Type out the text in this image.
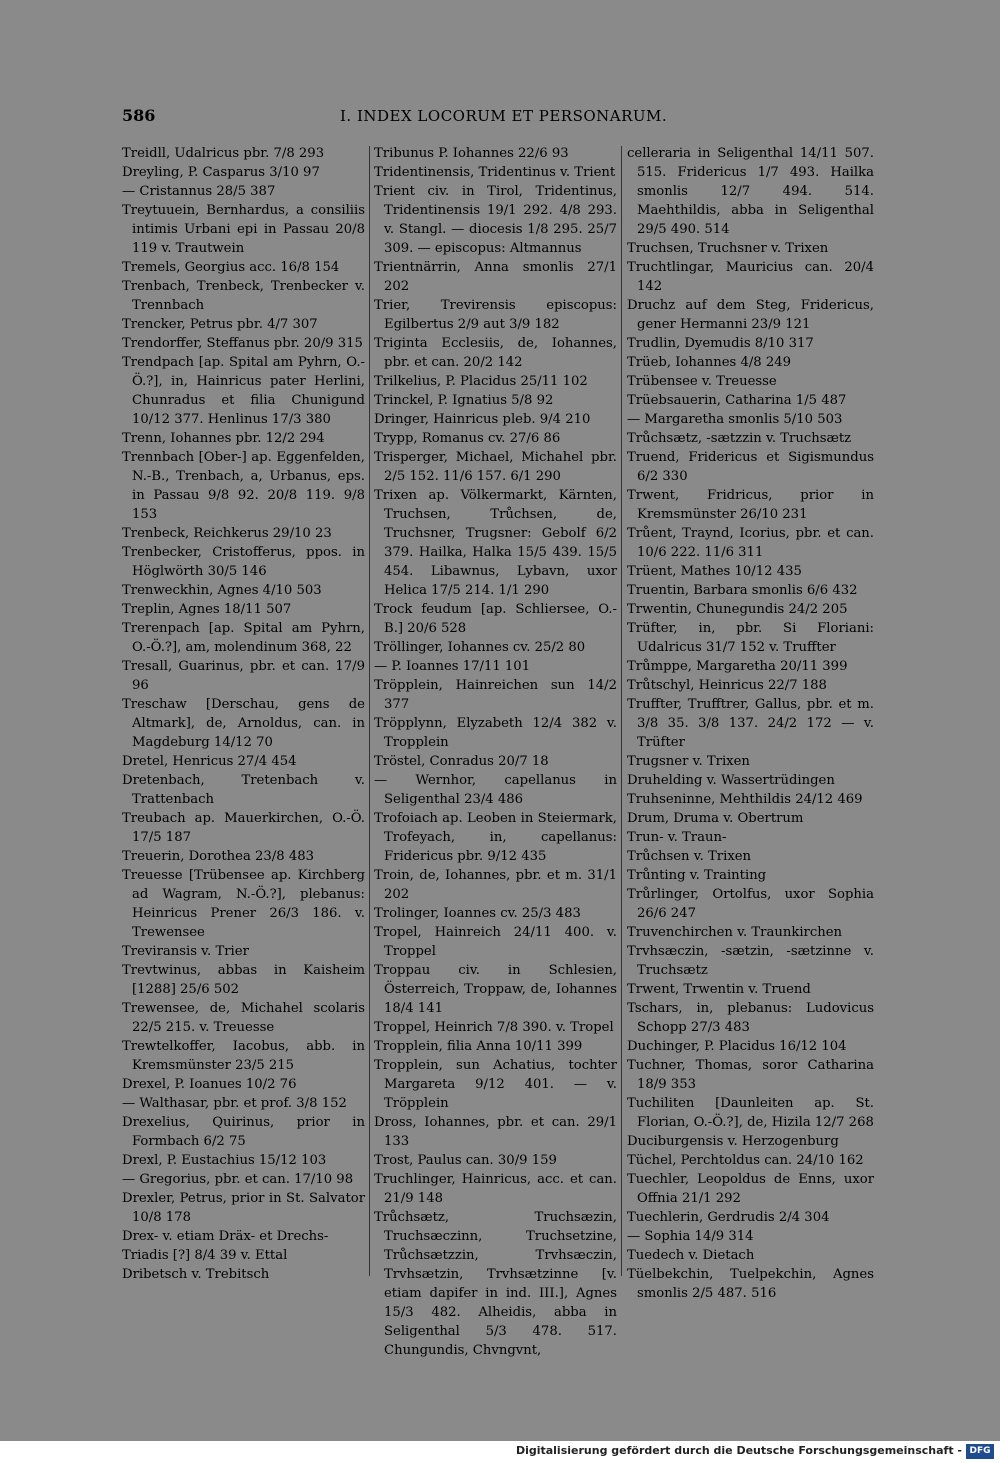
586	I. INDEX LOCORUM ET PERSONARUM.

Treidll, Udalricus pbr. 7/8 293

Dreyling, P. Casparus 3/10 97

— Cristannus 28/5 387

Treytuuein, Bernhardus, a consiliis intimis Urbani epi in Passau 20/8 119 v. Trautwein

Tremels, Georgius acc. 16/8 154

Trenbach, Trenbeck, Trenbecker v. Trennbach

Trencker, Petrus pbr. 4/7 307

Trendorffer, Steffanus pbr. 20/9 315

Trendpach [ap. Spital am Pyhrn, O.-Ö.?], in, Hainricus pater Herlini, Chunradus et filia Chunigund 10/12 377. Henlinus 17/3 380

Trenn, Iohannes pbr. 12/2 294

Trennbach [Ober-] ap. Eggenfelden, N.-B., Trenbach, a, Urbanus, eps. in Passau 9/8 92. 20/8 119. 9/8 153

Trenbeck, Reichkerus 29/10 23

Trenbecker, Cristofferus, ppos. in Höglwörth 30/5 146

Trenweckhin, Agnes 4/10 503

Treplin, Agnes 18/11 507

Trerenpach [ap. Spital am Pyhrn, O.-Ö.?], am, molendinum 368, 22

Tresall, Guarinus, pbr. et can. 17/9 96

Treschaw [Derschau, gens de Altmark], de, Arnoldus, can. in Magdeburg 14/12 70

Dretel, Henricus 27/4 454

Dretenbach, Tretenbach v. Trattenbach

Treubach ap. Mauerkirchen, O.-Ö. 17/5 187

Treuerin, Dorothea 23/8 483

Treuesse [Trübensee ap. Kirchberg ad Wagram, N.-Ö.?], plebanus: Heinricus Prener 26/3 186. v. Trewensee

Treviransis v. Trier

Trevtwinus, abbas in Kaisheim [1288] 25/6 502

Trewensee, de, Michahel scolaris 22/5 215. v. Treuesse

Trewtelkoffer, Iacobus, abb. in Kremsmünster 23/5 215

Drexel, P. Ioanues 10/2 76

— Walthasar, pbr. et prof. 3/8 152

Drexelius, Quirinus, prior in Formbach 6/2 75

Drexl, P. Eustachius 15/12 103

— Gregorius, pbr. et can. 17/10 98

Drexler, Petrus, prior in St. Salvator 10/8 178

Drex- v. etiam Dräx- et Drechs-

Triadis [?] 8/4 39 v. Ettal

Dribetsch v. Trebitsch

Tribunus P. Iohannes 22/6 93

Tridentinensis, Tridentinus v. Trient

Trient civ. in Tirol, Tridentinus, Tridentinensis 19/1 292. 4/8 293. v. Stangl. — diocesis 1/8 295. 25/7 309. — episcopus: Altmannus

Trientnärrin, Anna smonlis 27/1 202

Trier, Trevirensis episcopus: Egilbertus 2/9 aut 3/9 182

Triginta Ecclesiis, de, Iohannes, pbr. et can. 20/2 142

Trilkelius, P. Placidus 25/11 102

Trinckel, P. Ignatius 5/8 92

Dringer, Hainricus pleb. 9/4 210

Trypp, Romanus cv. 27/6 86

Trisperger, Michael, Michahel pbr. 2/5 152. 11/6 157. 6/1 290

Trixen ap. Völkermarkt, Kärnten, Truchsen, Trůchsen, de, Truchsner, Trugsner: Gebolf 6/2 379. Hailka, Halka 15/5 439. 15/5 454. Libawnus, Lybavn, uxor Helica 17/5 214. 1/1 290

Trock feudum [ap. Schliersee, O.-B.] 20/6 528

Tröllinger, Iohannes cv. 25/2 80

— P. Ioannes 17/11 101

Tröpplein, Hainreichen sun 14/2 377

Tröpplynn, Elyzabeth 12/4 382 v. Tropplein

Tröstel, Conradus 20/7 18

— Wernhor, capellanus in Seligenthal 23/4 486

Trofoiach ap. Leoben in Steiermark, Trofeyach, in, capellanus: Fridericus pbr. 9/12 435

Troin, de, Iohannes, pbr. et m. 31/1 202

Trolinger, Ioannes cv. 25/3 483

Tropel, Hainreich 24/11 400. v. Troppel

Troppau civ. in Schlesien, Österreich, Troppaw, de, Iohannes 18/4 141

Troppel, Heinrich 7/8 390. v. Tropel

Tropplein, filia Anna 10/11 399

Tropplein, sun Achatius, tochter Margareta 9/12 401. — v. Tröpplein

Dross, Iohannes, pbr. et can. 29/1 133

Trost, Paulus can. 30/9 159

Truchlinger, Hainricus, acc. et can. 21/9 148

Trůchsætz, Truchsæzin, Truchsæczinn, Truchsetzine, Trůchsætzzin, Trvhsæczin, Trvhsætzin, Trvhsætzinne [v. etiam dapifer in ind. III.], Agnes 15/3 482. Alheidis, abba in Seligenthal 5/3 478. 517. Chungundis, Chvngvnt,

celleraria in Seligenthal 14/11 507. 515. Fridericus 1/7 493. Hailka smonlis 12/7 494. 514. Maehthildis, abba in Seligenthal 29/5 490. 514

Truchsen, Truchsner v. Trixen

Truchtlingar, Mauricius can. 20/4 142

Druchz auf dem Steg, Fridericus, gener Hermanni 23/9 121

Trudlin, Dyemudis 8/10 317

Trüeb, Iohannes 4/8 249

Trübensee v. Treuesse

Trüebsauerin, Catharina 1/5 487

— Margaretha smonlis 5/10 503

Trůchsætz, -sætzzin v. Truchsætz

Truend, Fridericus et Sigismundus 6/2 330

Trwent, Fridricus, prior in Kremsmünster 26/10 231

Trůent, Traynd, Icorius, pbr. et can. 10/6 222. 11/6 311

Trüent, Mathes 10/12 435

Truentin, Barbara smonlis 6/6 432

Trwentin, Chunegundis 24/2 205

Trüfter, in, pbr. Si Floriani: Udalricus 31/7 152 v. Truffter

Trůmppe, Margaretha 20/11 399

Trůtschyl, Heinricus 22/7 188

Truffter, Trufftrer, Gallus, pbr. et m. 3/8 35. 3/8 137. 24/2 172 — v. Trüfter

Trugsner v. Trixen

Druhelding v. Wassertrüdingen

Truhseninne, Mehthildis 24/12 469

Drum, Druma v. Obertrum

Trun- v. Traun-

Trůchsen v. Trixen

Trůnting v. Trainting

Trůrlinger, Ortolfus, uxor Sophia 26/6 247

Truvenchirchen v. Traunkirchen

Trvhsæczin, -sætzin, -sætzinne v. Truchsætz

Trwent, Trwentin v. Truend

Tschars, in, plebanus: Ludovicus Schopp 27/3 483

Duchinger, P. Placidus 16/12 104

Tuchner, Thomas, soror Catharina 18/9 353

Tuchiliten [Daunleiten ap. St. Florian, O.-Ö.?], de, Hizila 12/7 268

Duciburgensis v. Herzogenburg

Tüchel, Perchtoldus can. 24/10 162

Tuechler, Leopoldus de Enns, uxor Offnia 21/1 292

Tuechlerin, Gerdrudis 2/4 304

— Sophia 14/9 314

Tuedech v. Dietach

Tüelbekchin, Tuelpekchin, Agnes smonlis 2/5 487. 516

Digitalisierung gefördert durch die Deutsche Forschungsgemeinschaft - DFG
